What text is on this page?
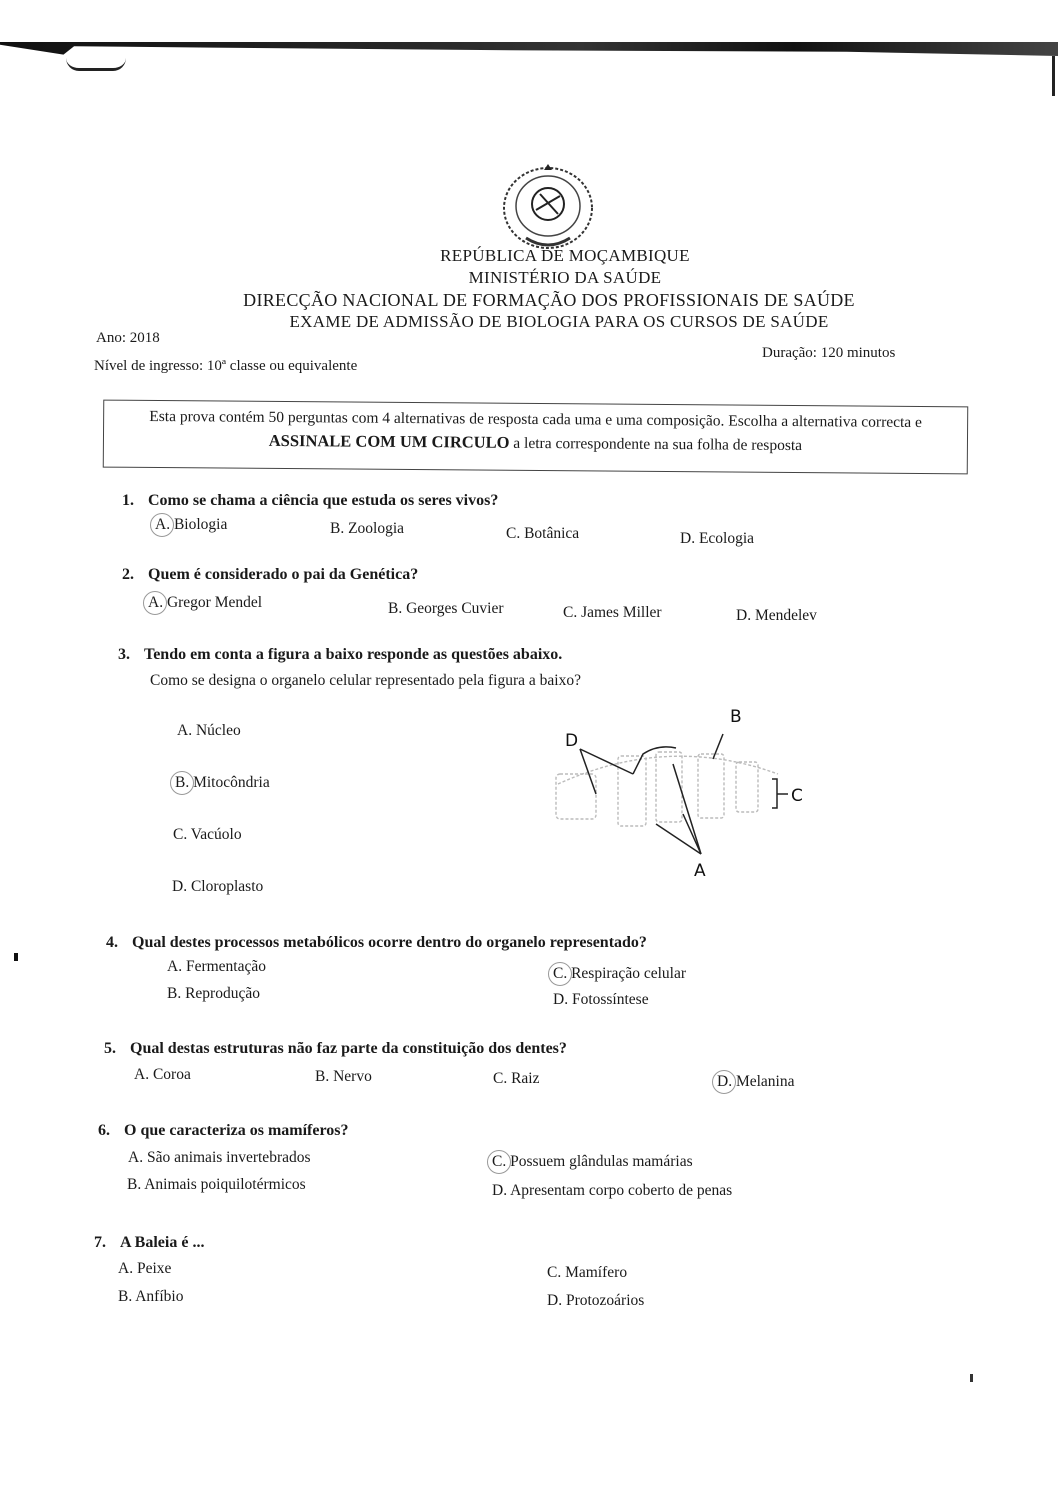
REPÚBLICA DE MOÇAMBIQUE
MINISTÉRIO DA SAÚDE
DIRECÇÃO NACIONAL DE FORMAÇÃO DOS PROFISSIONAIS DE SAÚDE
EXAME DE ADMISSÃO DE BIOLOGIA PARA OS CURSOS DE SAÚDE
Ano: 2018
Nível de ingresso: 10ª classe ou equivalente
Duração: 120 minutos
Esta prova contém 50 perguntas com 4 alternativas de resposta cada uma e uma composição. Escolha a alternativa correcta e ASSINALE COM UM CIRCULO a letra correspondente na sua folha de resposta
1. Como se chama a ciência que estuda os seres vivos?
A. Biologia	B. Zoologia	C. Botânica	D. Ecologia
2. Quem é considerado o pai da Genética?
A. Gregor Mendel	B. Georges Cuvier	C. James Miller	D. Mendelev
3. Tendo em conta a figura a baixo responde as questões abaixo.
Como se designa o organelo celular representado pela figura a baixo?
A. Núcleo
B. Mitocôndria
C. Vacúolo
D. Cloroplasto
B
D
C
A
4. Qual destes processos metabólicos ocorre dentro do organelo representado?
A. Fermentação
B. Reprodução
C. Respiração celular
D. Fotossíntese
5. Qual destas estruturas não faz parte da constituição dos dentes?
A. Coroa	B. Nervo	C. Raiz	D. Melanina
6. O que caracteriza os mamíferos?
A. São animais invertebrados
B. Animais poiquilotérmicos
C. Possuem glândulas mamárias
D. Apresentam corpo coberto de penas
7. A Baleia é ...
A. Peixe
B. Anfíbio
C. Mamífero
D. Protozoários
